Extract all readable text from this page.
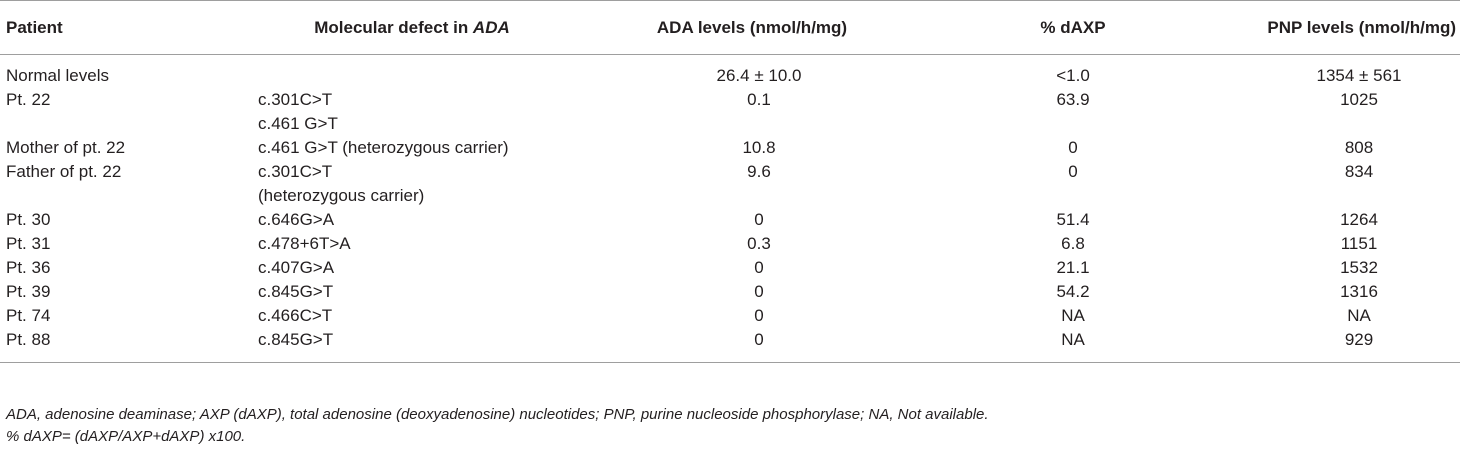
Patient	Molecular defect in ADA	ADA levels (nmol/h/mg)	% dAXP	PNP levels (nmol/h/mg)
Normal levels		26.4 ± 10.0	<1.0	1354 ± 561
Pt. 22	c.301C>T	0.1	63.9	1025
	c.461 G>T			
Mother of pt. 22	c.461 G>T (heterozygous carrier)	10.8	0	808
Father of pt. 22	c.301C>T	9.6	0	834
	(heterozygous carrier)			
Pt. 30	c.646G>A	0	51.4	1264
Pt. 31	c.478+6T>A	0.3	6.8	1151
Pt. 36	c.407G>A	0	21.1	1532
Pt. 39	c.845G>T	0	54.2	1316
Pt. 74	c.466C>T	0	NA	NA
Pt. 88	c.845G>T	0	NA	929
ADA, adenosine deaminase; AXP (dAXP), total adenosine (deoxyadenosine) nucleotides; PNP, purine nucleoside phosphorylase; NA, Not available.
% dAXP= (dAXP/AXP+dAXP) x100.
